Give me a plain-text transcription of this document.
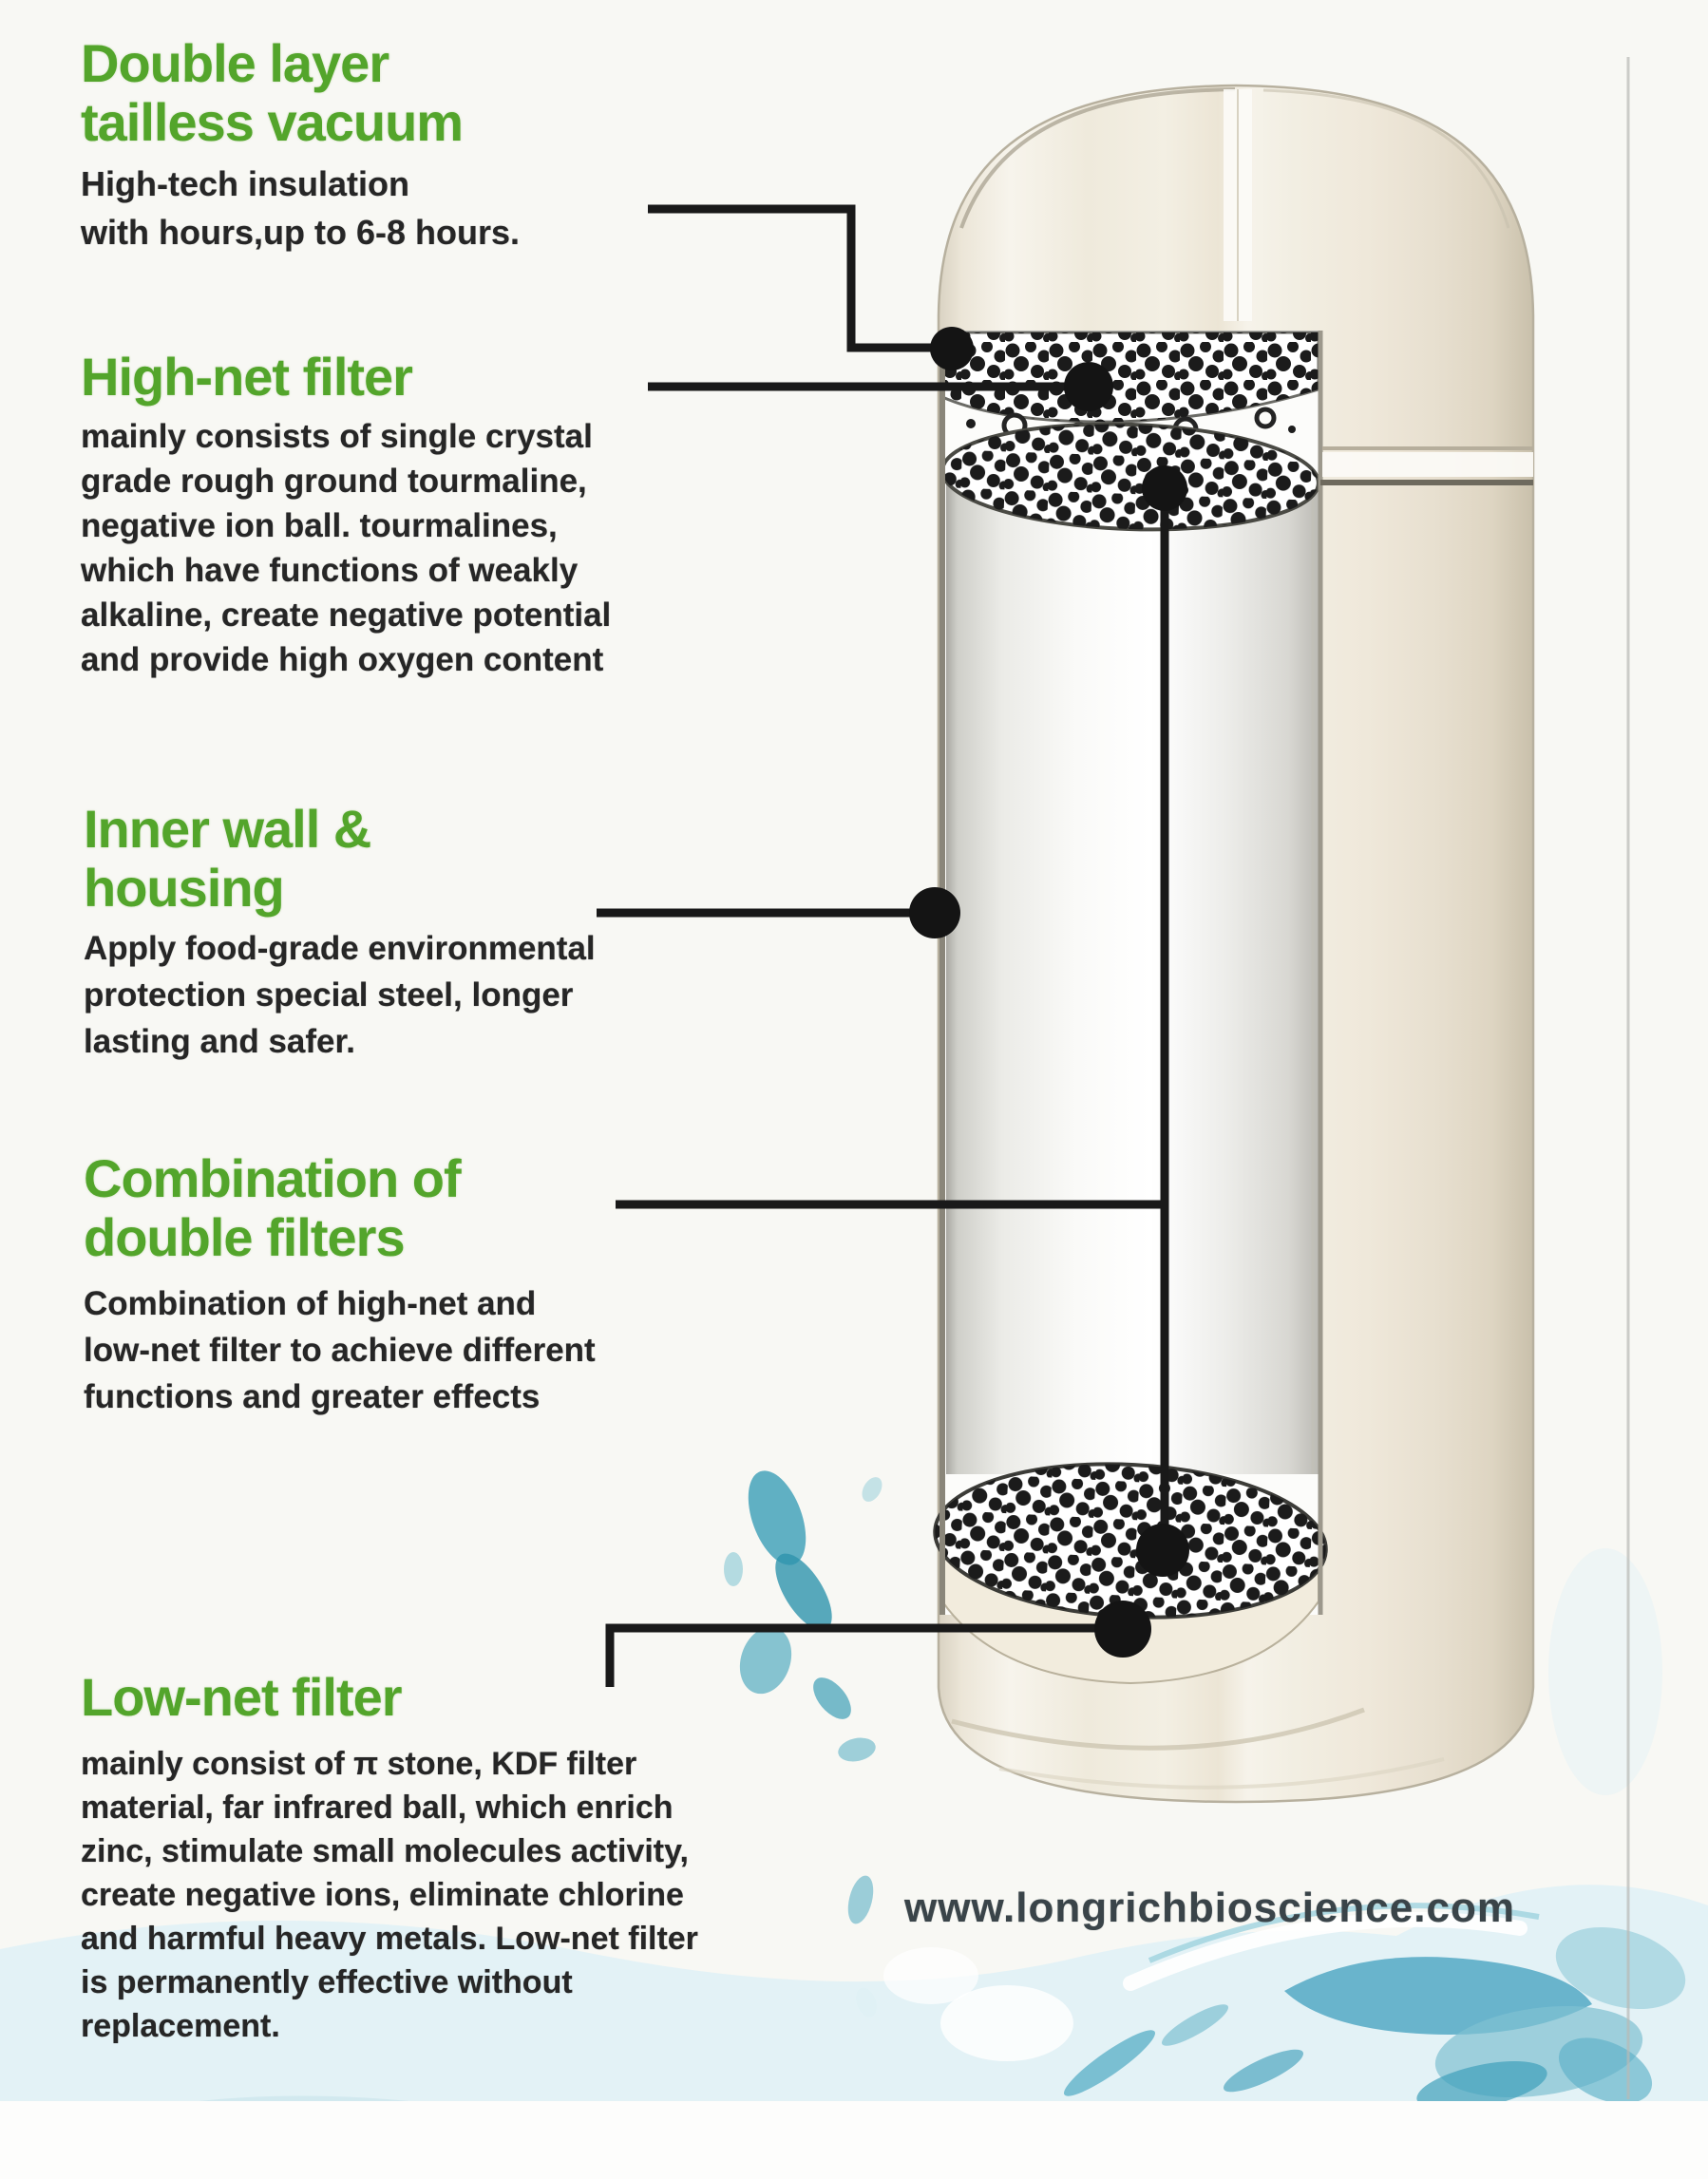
Double layer
tailless vacuum
High-tech insulation
with hours,up to 6-8 hours.
High-net filter
mainly consists of single crystal
grade rough ground tourmaline,
negative ion ball. tourmalines,
which have functions of weakly
alkaline, create negative potential
and provide high oxygen content
Inner wall &
housing
Apply food-grade environmental
protection special steel, longer
lasting and safer.
Combination of
double filters
Combination of high-net and
low-net filter to achieve different
functions and greater effects
Low-net filter
mainly consist of π stone, KDF filter
material, far infrared ball, which enrich
zinc, stimulate small molecules activity,
create negative ions, eliminate chlorine
and harmful heavy metals. Low-net filter
is permanently effective without
replacement.
www.longrichbioscience.com
